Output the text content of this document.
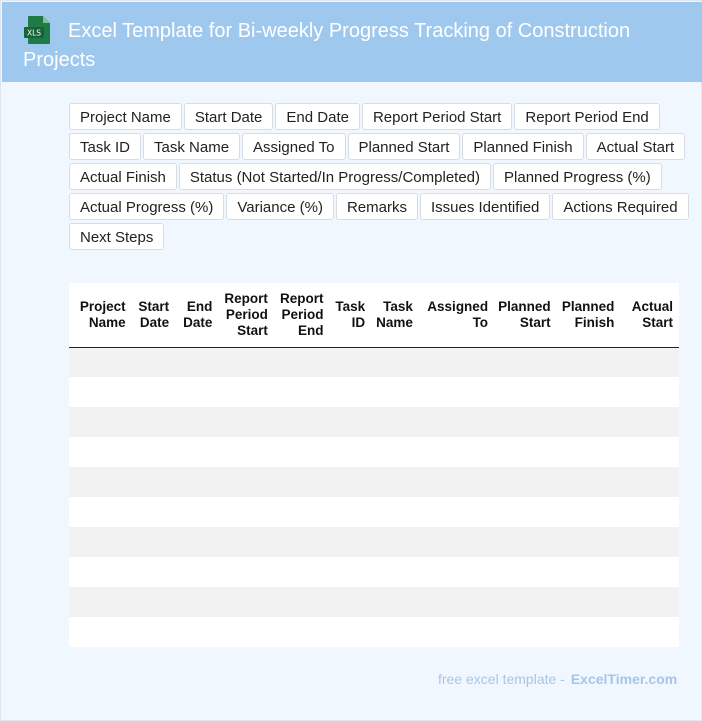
XLS	Excel Template for Bi-weekly Progress Tracking of Construction Projects
Project Name	Start Date	End Date	Report Period Start	Report Period End
Task ID	Task Name	Assigned To	Planned Start	Planned Finish	Actual Start
Actual Finish	Status (Not Started/In Progress/Completed)	Planned Progress (%)
Actual Progress (%)	Variance (%)	Remarks	Issues Identified	Actions Required
Next Steps
Project Name	Start Date	End Date	Report Period Start	Report Period End	Task ID	Task Name	Assigned To	Planned Start	Planned Finish	Actual Start

free excel template - ExcelTimer.com
